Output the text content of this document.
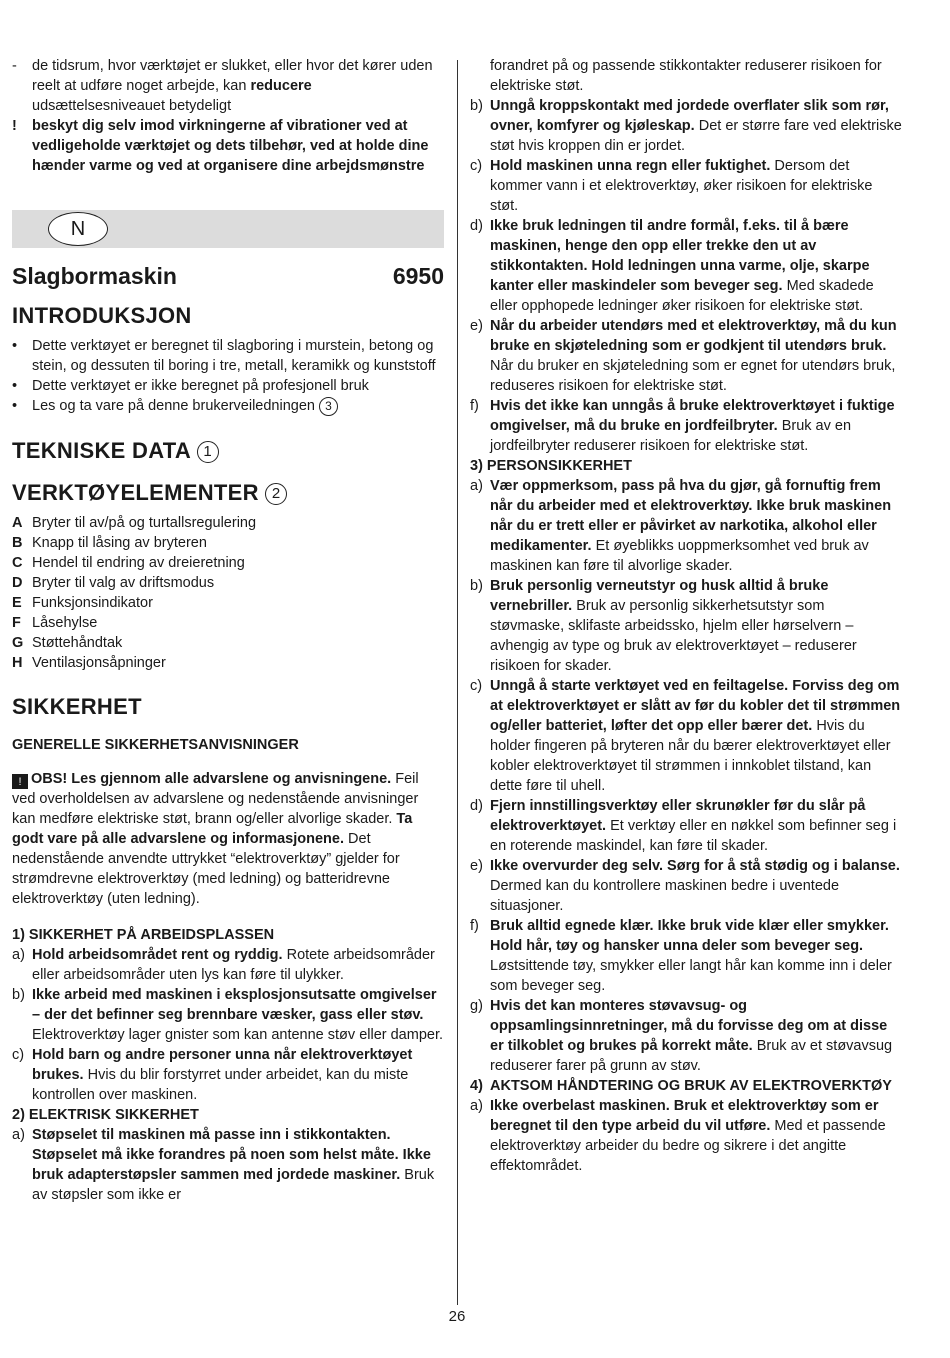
-	de tidsrum, hvor værktøjet er slukket, eller hvor det kører uden reelt at udføre noget arbejde, kan reducere udsættelsesniveauet betydeligt
!	beskyt dig selv imod virkningerne af vibrationer ved at vedligeholde værktøjet og dets tilbehør, ved at holde dine hænder varme og ved at organisere dine arbejdsmønstre
N
Slagbormaskin	6950
INTRODUKSJON
•	Dette verktøyet er beregnet til slagboring i murstein, betong og stein, og dessuten til boring i tre, metall, keramikk og kunststoff
•	Dette verktøyet er ikke beregnet på profesjonell bruk
•	Les og ta vare på denne brukerveiledningen 3
TEKNISKE DATA 1
VERKTØYELEMENTER 2
A Bryter til av/på og turtallsregulering
B Knapp til låsing av bryteren
C Hendel til endring av dreieretning
D Bryter til valg av driftsmodus
E Funksjonsindikator
F Låsehylse
G Støttehåndtak
H Ventilasjonsåpninger
SIKKERHET
GENERELLE SIKKERHETSANVISNINGER
! OBS! Les gjennom alle advarslene og anvisningene. Feil ved overholdelsen av advarslene og nedenstående anvisninger kan medføre elektriske støt, brann og/eller alvorlige skader. Ta godt vare på alle advarslene og informasjonene. Det nedenstående anvendte uttrykket “elektroverktøy” gjelder for strømdrevne elektroverktøy (med ledning) og batteridrevne elektroverktøy (uten ledning).
1) SIKKERHET PÅ ARBEIDSPLASSEN
a) Hold arbeidsområdet rent og ryddig. Rotete arbeidsområder eller arbeidsområder uten lys kan føre til ulykker.
b) Ikke arbeid med maskinen i eksplosjonsutsatte omgivelser – der det befinner seg brennbare væsker, gass eller støv. Elektroverktøy lager gnister som kan antenne støv eller damper.
c) Hold barn og andre personer unna når elektroverktøyet brukes. Hvis du blir forstyrret under arbeidet, kan du miste kontrollen over maskinen.
2) ELEKTRISK SIKKERHET
a) Støpselet til maskinen må passe inn i stikkontakten. Støpselet må ikke forandres på noen som helst måte. Ikke bruk adapterstøpsler sammen med jordede maskiner. Bruk av støpsler som ikke er
forandret på og passende stikkontakter reduserer risikoen for elektriske støt.
b) Unngå kroppskontakt med jordede overflater slik som rør, ovner, komfyrer og kjøleskap. Det er større fare ved elektriske støt hvis kroppen din er jordet.
c) Hold maskinen unna regn eller fuktighet. Dersom det kommer vann i et elektroverktøy, øker risikoen for elektriske støt.
d) Ikke bruk ledningen til andre formål, f.eks. til å bære maskinen, henge den opp eller trekke den ut av stikkontakten. Hold ledningen unna varme, olje, skarpe kanter eller maskindeler som beveger seg. Med skadede eller opphopede ledninger øker risikoen for elektriske støt.
e) Når du arbeider utendørs med et elektroverktøy, må du kun bruke en skjøteledning som er godkjent til utendørs bruk. Når du bruker en skjøteledning som er egnet for utendørs bruk, reduseres risikoen for elektriske støt.
f) Hvis det ikke kan unngås å bruke elektroverktøyet i fuktige omgivelser, må du bruke en jordfeilbryter. Bruk av en jordfeilbryter reduserer risikoen for elektriske støt.
3) PERSONSIKKERHET
a) Vær oppmerksom, pass på hva du gjør, gå fornuftig frem når du arbeider med et elektroverktøy. Ikke bruk maskinen når du er trett eller er påvirket av narkotika, alkohol eller medikamenter. Et øyeblikks uoppmerksomhet ved bruk av maskinen kan føre til alvorlige skader.
b) Bruk personlig verneutstyr og husk alltid å bruke vernebriller. Bruk av personlig sikkerhetsutstyr som støvmaske, sklifaste arbeidssko, hjelm eller hørselvern – avhengig av type og bruk av elektroverktøyet – reduserer risikoen for skader.
c) Unngå å starte verktøyet ved en feiltagelse. Forviss deg om at elektroverktøyet er slått av før du kobler det til strømmen og/eller batteriet, løfter det opp eller bærer det. Hvis du holder fingeren på bryteren når du bærer elektroverktøyet eller kobler elektroverktøyet til strømmen i innkoblet tilstand, kan dette føre til uhell.
d) Fjern innstillingsverktøy eller skrunøkler før du slår på elektroverktøyet. Et verktøy eller en nøkkel som befinner seg i en roterende maskindel, kan føre til skader.
e) Ikke overvurder deg selv. Sørg for å stå stødig og i balanse. Dermed kan du kontrollere maskinen bedre i uventede situasjoner.
f) Bruk alltid egnede klær. Ikke bruk vide klær eller smykker. Hold hår, tøy og hansker unna deler som beveger seg. Løstsittende tøy, smykker eller langt hår kan komme inn i deler som beveger seg.
g) Hvis det kan monteres støvavsug- og oppsamlingsinnretninger, må du forvisse deg om at disse er tilkoblet og brukes på korrekt måte. Bruk av et støvavsug reduserer farer på grunn av støv.
4) AKTSOM HÅNDTERING OG BRUK AV ELEKTROVERKTØY
a) Ikke overbelast maskinen. Bruk et elektroverktøy som er beregnet til den type arbeid du vil utføre. Med et passende elektroverktøy arbeider du bedre og sikrere i det angitte effektområdet.
26
